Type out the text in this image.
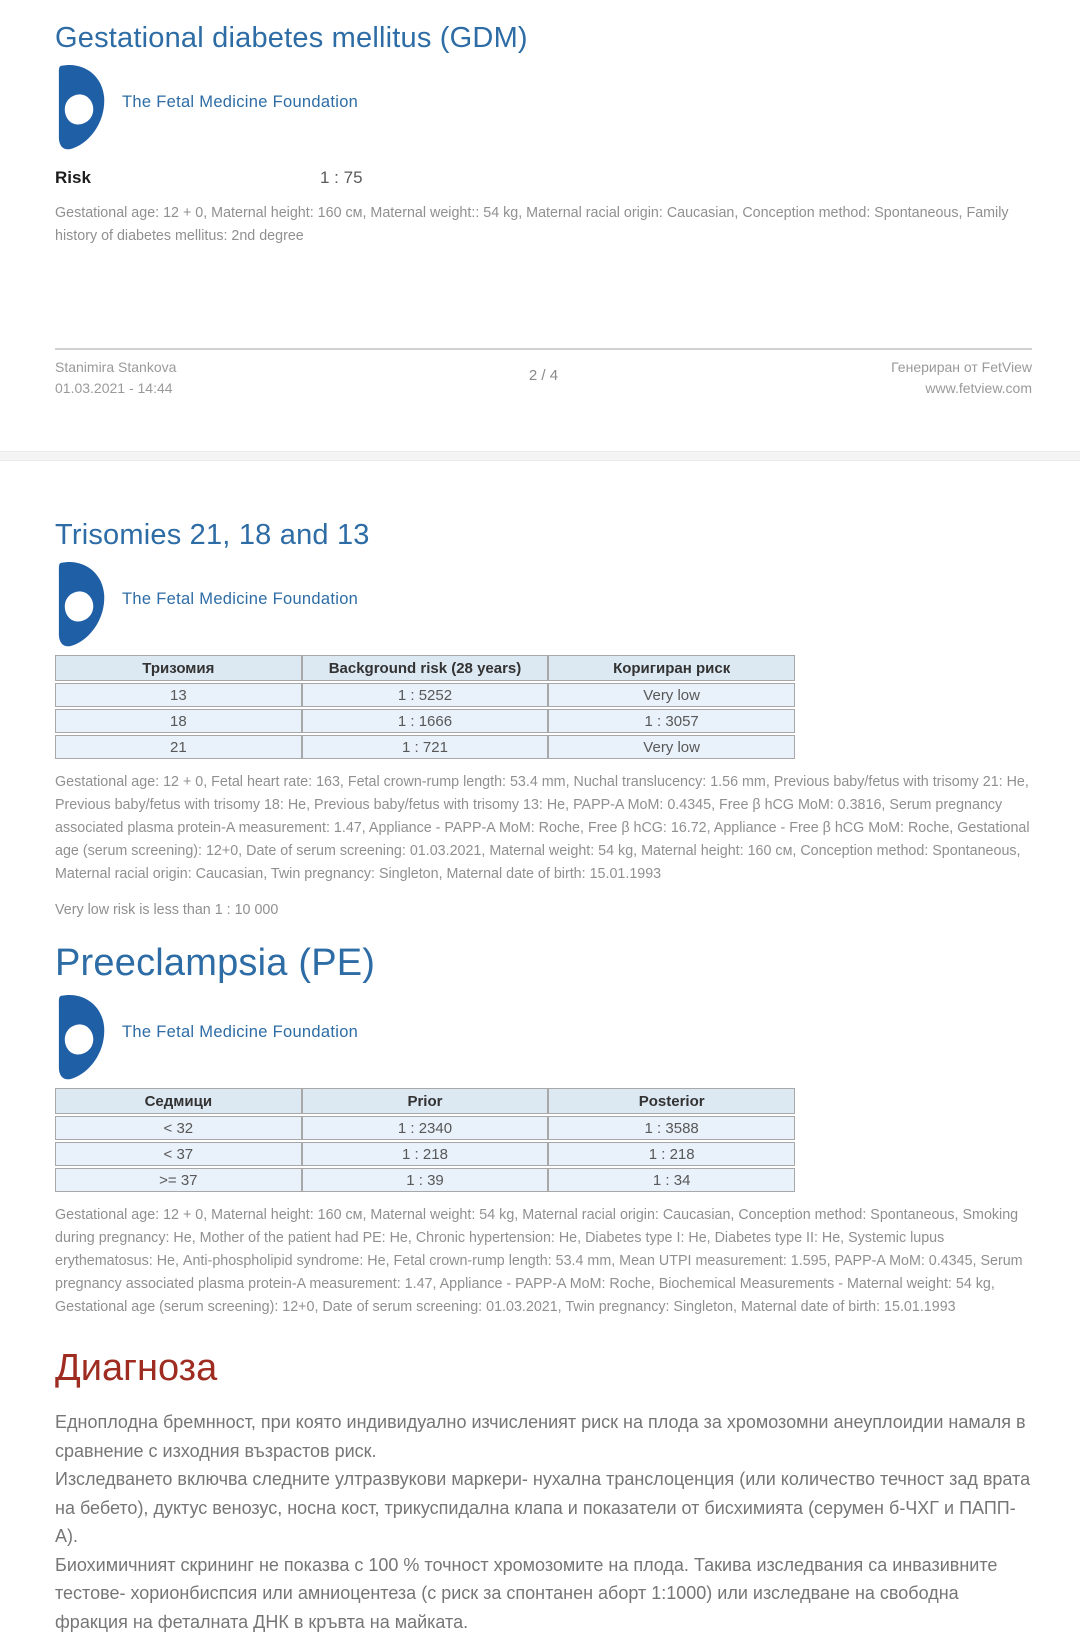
Gestational diabetes mellitus (GDM)
The Fetal Medicine Foundation
Risk	1 : 75
Gestational age: 12 + 0, Maternal height: 160 см, Maternal weight:: 54 kg, Maternal racial origin: Caucasian, Conception method: Spontaneous, Family history of diabetes mellitus: 2nd degree
Stanimira Stankova
01.03.2021 - 14:44
2 / 4	Генериран от FetView
www.fetview.com
Trisomies 21, 18 and 13
The Fetal Medicine Foundation
Тризомия	Background risk (28 years)	Коригиран риск
13	1 : 5252	Very low
18	1 : 1666	1 : 3057
21	1 : 721	Very low
Gestational age: 12 + 0, Fetal heart rate: 163, Fetal crown-rump length: 53.4 mm, Nuchal translucency: 1.56 mm, Previous baby/fetus with trisomy 21: Не, Previous baby/fetus with trisomy 18: Не, Previous baby/fetus with trisomy 13: Не, PAPP-A MoM: 0.4345, Free β hCG MoM: 0.3816, Serum pregnancy associated plasma protein-A measurement: 1.47, Appliance - PAPP-A MoM: Roche, Free β hCG: 16.72, Appliance - Free β hCG MoM: Roche, Gestational age (serum screening): 12+0, Date of serum screening: 01.03.2021, Maternal weight: 54 kg, Maternal height: 160 см, Conception method: Spontaneous, Maternal racial origin: Caucasian, Twin pregnancy: Singleton, Maternal date of birth: 15.01.1993
Very low risk is less than 1 : 10 000
Preeclampsia (PE)
The Fetal Medicine Foundation
Седмици	Prior	Posterior
< 32	1 : 2340	1 : 3588
< 37	1 : 218	1 : 218
>= 37	1 : 39	1 : 34
Gestational age: 12 + 0, Maternal height: 160 см, Maternal weight: 54 kg, Maternal racial origin: Caucasian, Conception method: Spontaneous, Smoking during pregnancy: Не, Mother of the patient had PE: Не, Chronic hypertension: Не, Diabetes type I: Не, Diabetes type II: Не, Systemic lupus erythematosus: Не, Anti-phospholipid syndrome: Не, Fetal crown-rump length: 53.4 mm, Mean UTPI measurement: 1.595, PAPP-A MoM: 0.4345, Serum pregnancy associated plasma protein-A measurement: 1.47, Appliance - PAPP-A MoM: Roche, Biochemical Measurements - Maternal weight: 54 kg, Gestational age (serum screening): 12+0, Date of serum screening: 01.03.2021, Twin pregnancy: Singleton, Maternal date of birth: 15.01.1993
Диагноза
Едноплодна бремнност, при която индивидуално изчисленият риск на плода за хромозомни анеуплоидии намаля в сравнение с изходния възрастов риск.
Изследването включва следните ултразвукови маркери- нухална транслоценция (или количество течност зад врата на бебето), дуктус венозус, носна кост, трикуспидална клапа и показатели от бисхимията (серумен б-ЧХГ и ПАПП-А).
Биохимичният скрининг не показва с 100 % точност хромозомите на плода. Такива изследвания са инвазивните тестове- хорионбиспсия или амниоцентеза (с риск за спонтанен аборт 1:1000) или изследване на свободна фракция на феталната ДНК в кръвта на майката.
